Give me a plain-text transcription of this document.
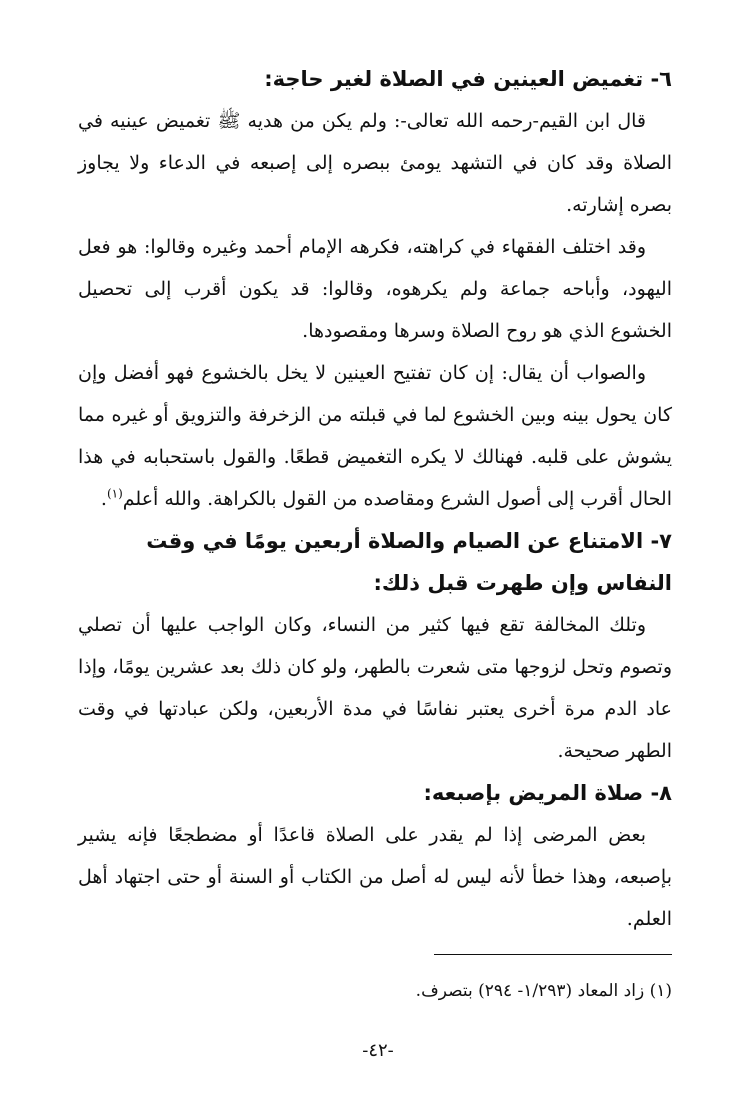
٦- تغميض العينين في الصلاة لغير حاجة:

قال ابن القيم-رحمه الله تعالى-: ولم يكن من هديه ﷺ تغميض عينيه في الصلاة وقد كان في التشهد يومئ ببصره إلى إصبعه في الدعاء ولا يجاوز بصره إشارته.

وقد اختلف الفقهاء في كراهته، فكرهه الإمام أحمد وغيره وقالوا: هو فعل اليهود، وأباحه جماعة ولم يكرهوه، وقالوا: قد يكون أقرب إلى تحصيل الخشوع الذي هو روح الصلاة وسرها ومقصودها.

والصواب أن يقال: إن كان تفتيح العينين لا يخل بالخشوع فهو أفضل وإن كان يحول بينه وبين الخشوع لما في قبلته من الزخرفة والتزويق أو غيره مما يشوش على قلبه. فهنالك لا يكره التغميض قطعًا. والقول باستحبابه في هذا الحال أقرب إلى أصول الشرع ومقاصده من القول بالكراهة. والله أعلم$^{(١)}$.

٧- الامتناع عن الصيام والصلاة أربعين يومًا في وقت النفاس وإن طهرت قبل ذلك:

وتلك المخالفة تقع فيها كثير من النساء، وكان الواجب عليها أن تصلي وتصوم وتحل لزوجها متى شعرت بالطهر، ولو كان ذلك بعد عشرين يومًا، وإذا عاد الدم مرة أخرى يعتبر نفاسًا في مدة الأربعين، ولكن عبادتها في وقت الطهر صحيحة.

٨- صلاة المريض بإصبعه:

بعض المرضى إذا لم يقدر على الصلاة قاعدًا أو مضطجعًا فإنه يشير بإصبعه، وهذا خطأ لأنه ليس له أصل من الكتاب أو السنة أو حتى اجتهاد أهل العلم.

(١) زاد المعاد (١/٢٩٣- ٢٩٤) بتصرف.

-٤٢-
